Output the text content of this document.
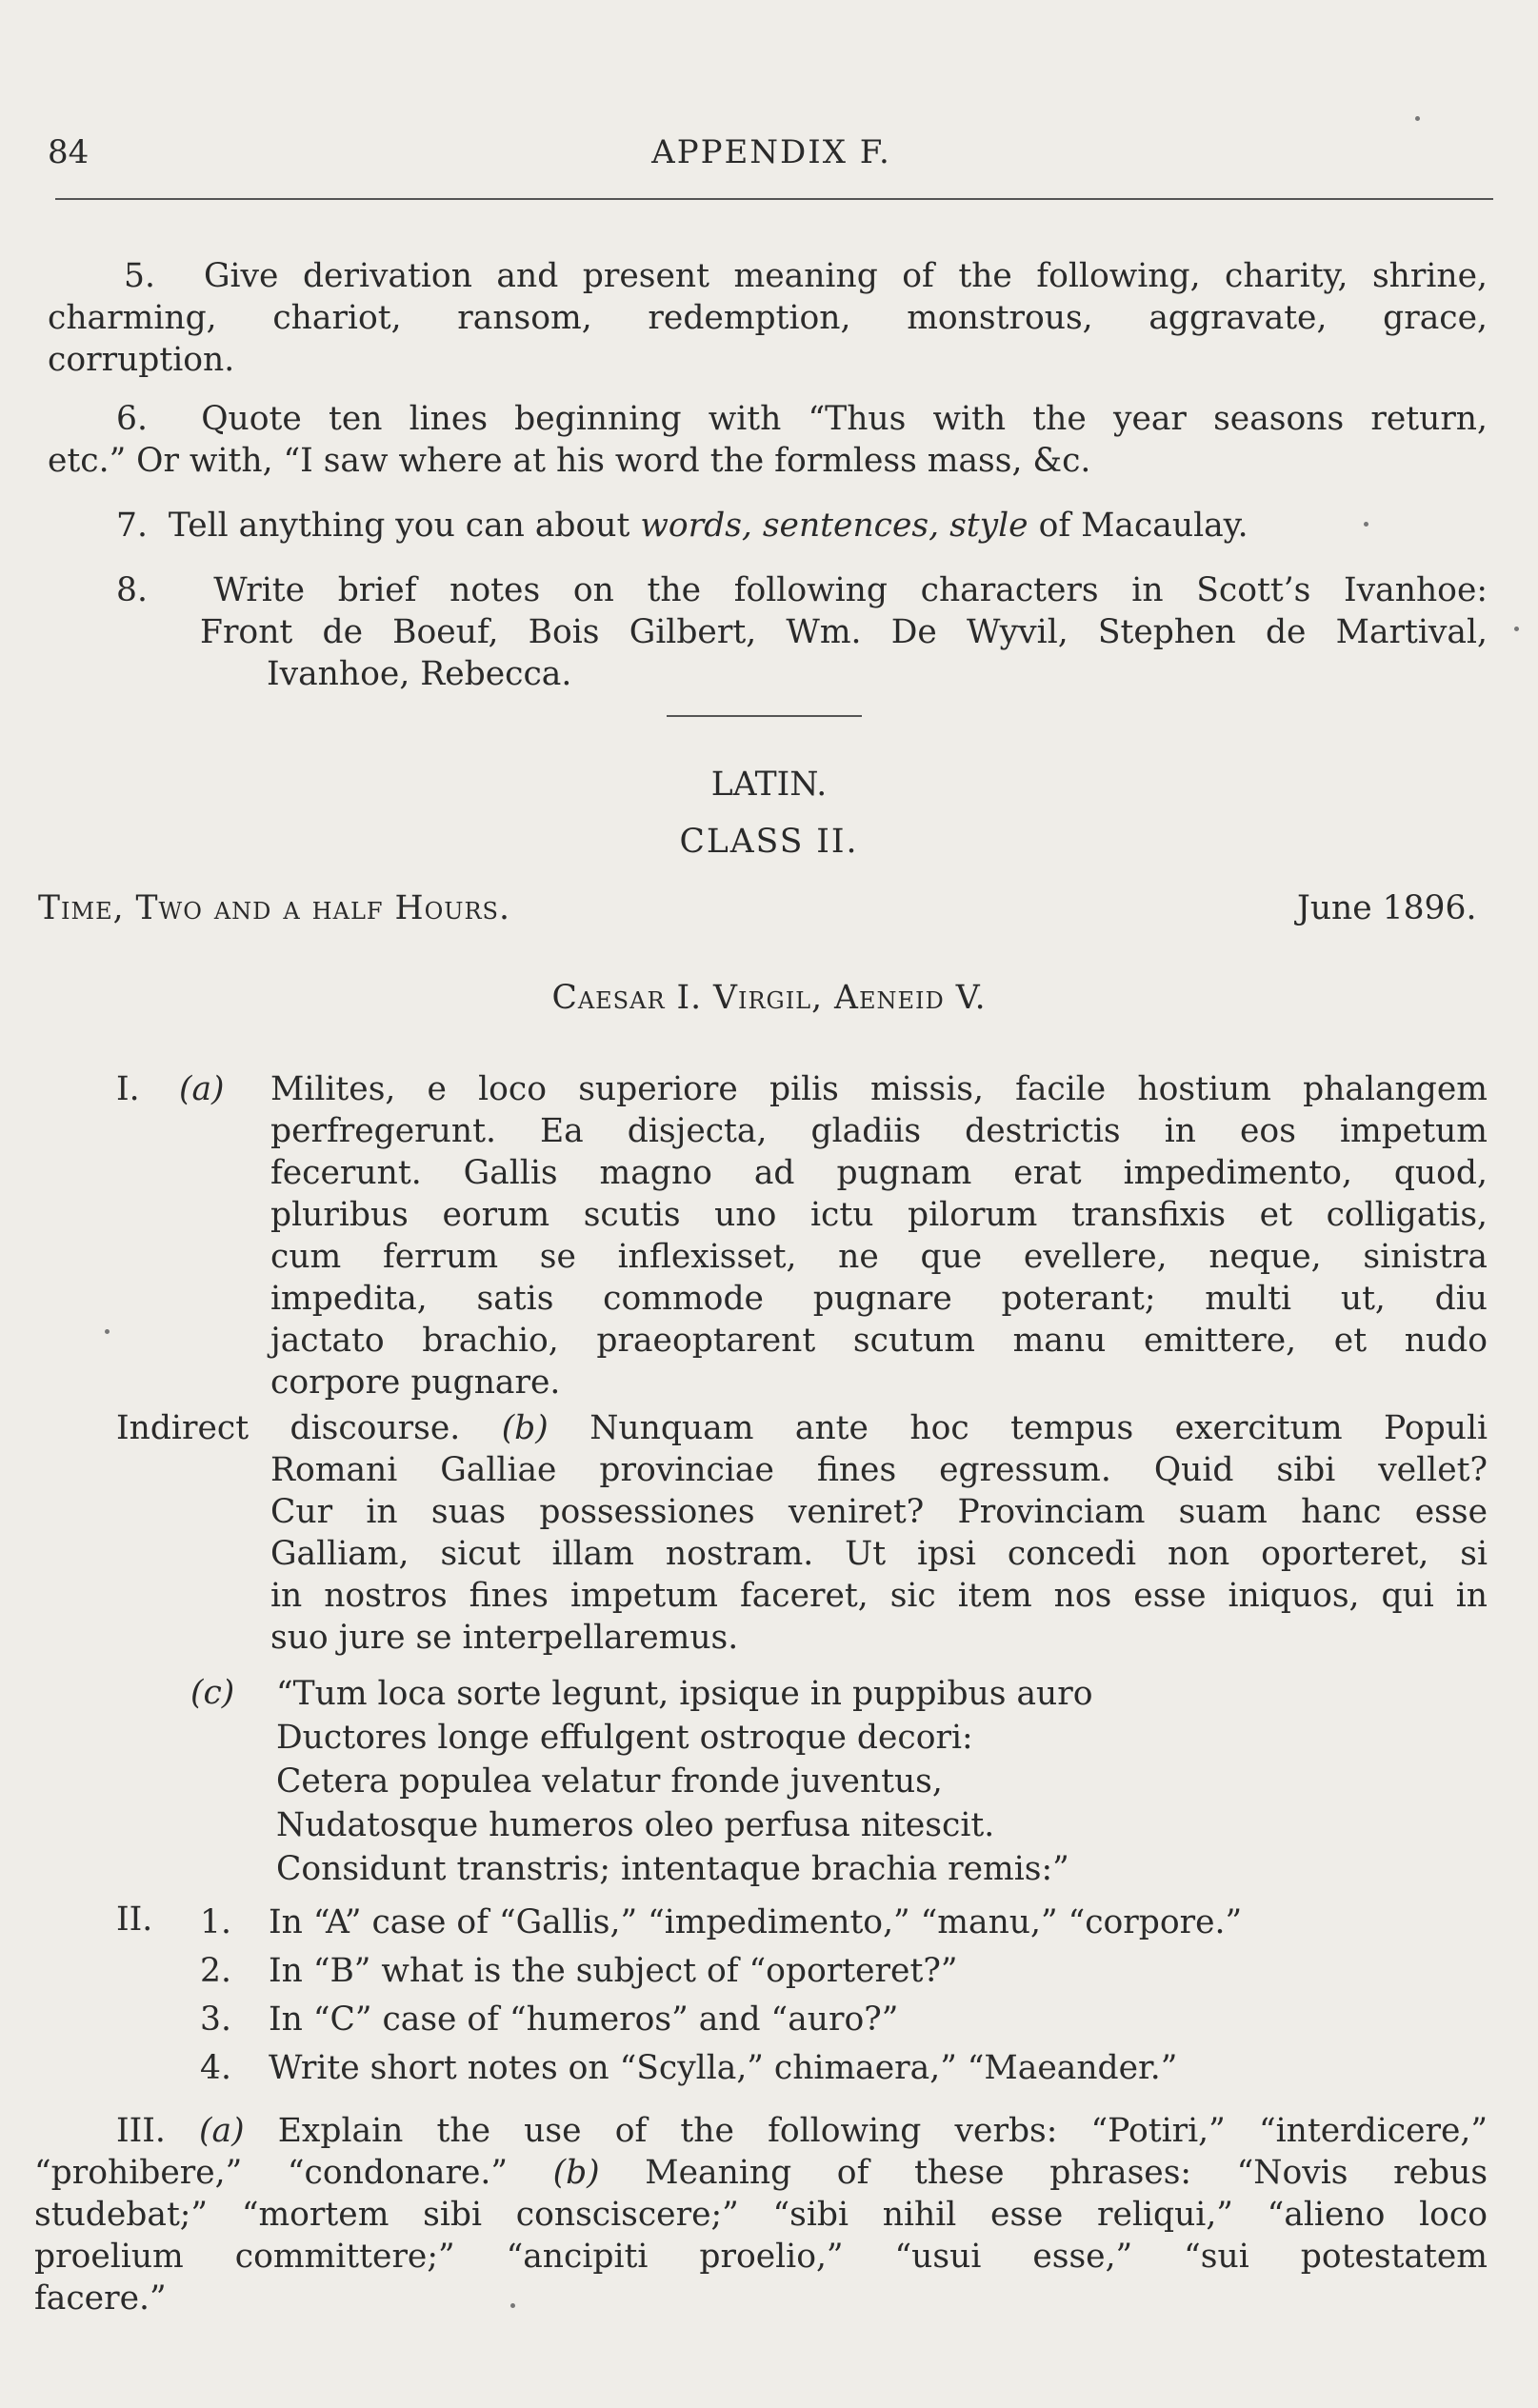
84	APPENDIX F.
5. Give derivation and present meaning of the following, charity, shrine,
charming, chariot, ransom, redemption, monstrous, aggravate, grace,
corruption.
6. Quote ten lines beginning with “Thus with the year seasons return,
etc.” Or with, “I saw where at his word the formless mass, &c.
7. Tell anything you can about words, sentences, style of Macaulay.
8. Write brief notes on the following characters in Scott’s Ivanhoe:
Front de Boeuf, Bois Gilbert, Wm. De Wyvil, Stephen de Martival,
Ivanhoe, Rebecca.
LATIN.
CLASS II.
Time, Two and a half Hours.	June 1896.
Caesar I. Virgil, Aeneid V.
I. (a) Milites, e loco superiore pilis missis, facile hostium phalangem
perfregerunt. Ea disjecta, gladiis destrictis in eos impetum
fecerunt. Gallis magno ad pugnam erat impedimento, quod,
pluribus eorum scutis uno ictu pilorum transfixis et colligatis,
cum ferrum se inflexisset, ne que evellere, neque, sinistra
impedita, satis commode pugnare poterant; multi ut, diu
jactato brachio, praeoptarent scutum manu emittere, et nudo
corpore pugnare.
Indirect discourse. (b) Nunquam ante hoc tempus exercitum Populi
Romani Galliae provinciae fines egressum. Quid sibi vellet?
Cur in suas possessiones veniret? Provinciam suam hanc esse
Galliam, sicut illam nostram. Ut ipsi concedi non oporteret, si
in nostros fines impetum faceret, sic item nos esse iniquos, qui in
suo jure se interpellaremus.
(c) “Tum loca sorte legunt, ipsique in puppibus auro
Ductores longe effulgent ostroque decori:
Cetera populea velatur fronde juventus,
Nudatosque humeros oleo perfusa nitescit.
Considunt transtris; intentaque brachia remis:”
II. 1. In “A” case of “Gallis,” “impedimento,” “manu,” “corpore.”
2. In “B” what is the subject of “oporteret?”
3. In “C” case of “humeros” and “auro?”
4. Write short notes on “Scylla,” chimaera,” “Maeander.”
III. (a) Explain the use of the following verbs: “Potiri,” “interdicere,”
“prohibere,” “condonare.” (b) Meaning of these phrases: “Novis rebus
studebat;” “mortem sibi consciscere;” “sibi nihil esse reliqui,” “alieno loco
proelium committere;” “ancipiti proelio,” “usui esse,” “sui potestatem
facere.”
